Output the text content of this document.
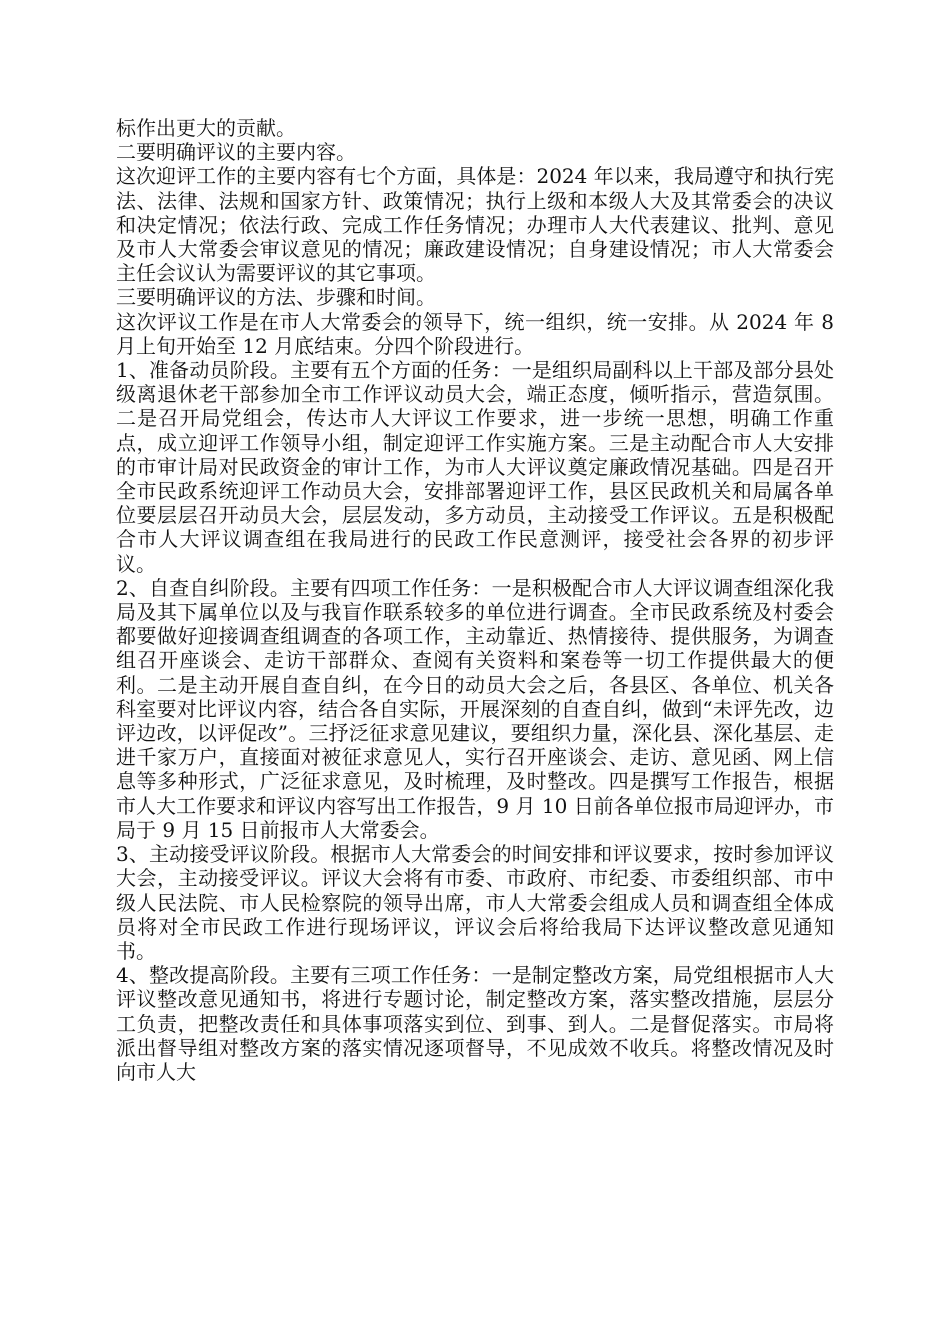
标作出更大的贡献。

二要明确评议的主要内容。

这次迎评工作的主要内容有七个方面，具体是：2024 年以来，我局遵守和执行宪法、法律、法规和国家方针、政策情况；执行上级和本级人大及其常委会的决议和决定情况；依法行政、完成工作任务情况；办理市人大代表建议、批判、意见及市人大常委会审议意见的情况；廉政建设情况；自身建设情况；市人大常委会主任会议认为需要评议的其它事项。

三要明确评议的方法、步骤和时间。

这次评议工作是在市人大常委会的领导下，统一组织，统一安排。从 2024 年 8 月上旬开始至 12 月底结束。分四个阶段进行。

1、准备动员阶段。主要有五个方面的任务：一是组织局副科以上干部及部分县处级离退休老干部参加全市工作评议动员大会，端正态度，倾听指示，营造氛围。二是召开局党组会，传达市人大评议工作要求，进一步统一思想，明确工作重点，成立迎评工作领导小组，制定迎评工作实施方案。三是主动配合市人大安排的市审计局对民政资金的审计工作，为市人大评议奠定廉政情况基础。四是召开全市民政系统迎评工作动员大会，安排部署迎评工作，县区民政机关和局属各单位要层层召开动员大会，层层发动，多方动员，主动接受工作评议。五是积极配合市人大评议调查组在我局进行的民政工作民意测评，接受社会各界的初步评议。

2、自查自纠阶段。主要有四项工作任务：一是积极配合市人大评议调查组深化我局及其下属单位以及与我盲作联系较多的单位进行调查。全市民政系统及村委会都要做好迎接调查组调查的各项工作，主动靠近、热情接待、提供服务，为调查组召开座谈会、走访干部群众、查阅有关资料和案卷等一切工作提供最大的便利。二是主动开展自查自纠，在今日的动员大会之后，各县区、各单位、机关各科室要对比评议内容，结合各自实际，开展深刻的自查自纠，做到“未评先改，边评边改，以评促改”。三抒泛征求意见建议，要组织力量，深化县、深化基层、走进千家万户，直接面对被征求意见人，实行召开座谈会、走访、意见函、网上信息等多种形式，广泛征求意见，及时梳理，及时整改。四是撰写工作报告，根据市人大工作要求和评议内容写出工作报告，9 月 10 日前各单位报市局迎评办，市局于 9 月 15 日前报市人大常委会。

3、主动接受评议阶段。根据市人大常委会的时间安排和评议要求，按时参加评议大会，主动接受评议。评议大会将有市委、市政府、市纪委、市委组织部、市中级人民法院、市人民检察院的领导出席，市人大常委会组成人员和调查组全体成员将对全市民政工作进行现场评议，评议会后将给我局下达评议整改意见通知书。

4、整改提高阶段。主要有三项工作任务：一是制定整改方案，局党组根据市人大评议整改意见通知书，将进行专题讨论，制定整改方案，落实整改措施，层层分工负责，把整改责任和具体事项落实到位、到事、到人。二是督促落实。市局将派出督导组对整改方案的落实情况逐项督导，不见成效不收兵。将整改情况及时向市人大
